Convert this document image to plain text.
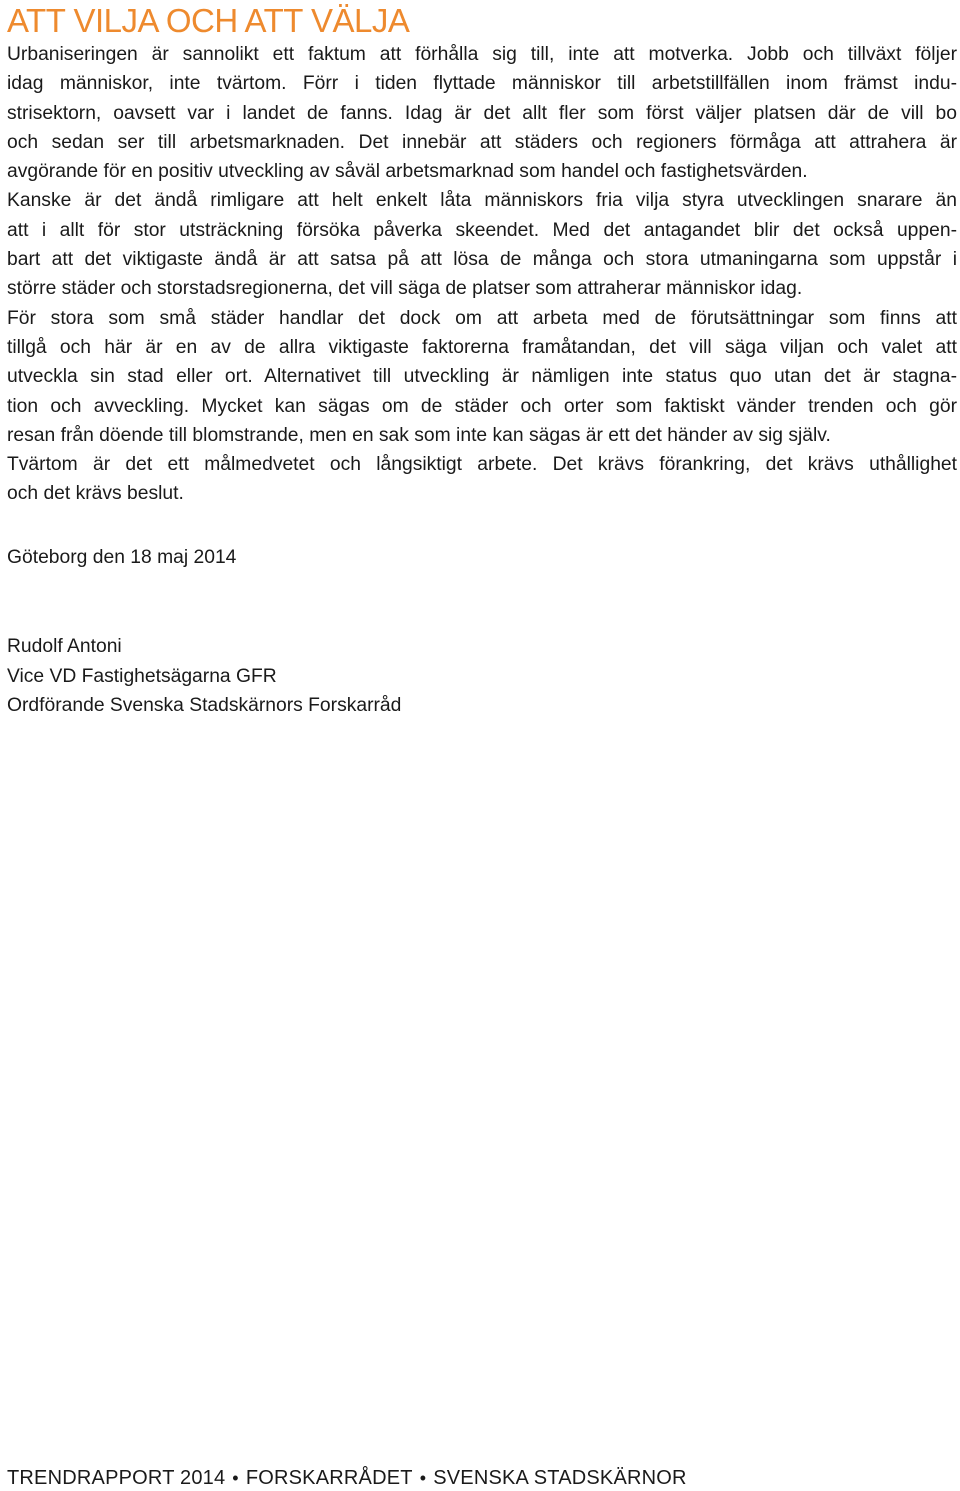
ATT VILJA OCH ATT VÄLJA
Urbaniseringen är sannolikt ett faktum att förhålla sig till, inte att motverka. Jobb och tillväxt följer
idag människor, inte tvärtom. Förr i tiden flyttade människor till arbetstillfällen inom främst indu-
strisektorn, oavsett var i landet de fanns. Idag är det allt fler som först väljer platsen där de vill bo
och sedan ser till arbetsmarknaden. Det innebär att städers och regioners förmåga att attrahera är
avgörande för en positiv utveckling av såväl arbetsmarknad som handel och fastighetsvärden.
Kanske är det ändå rimligare att helt enkelt låta människors fria vilja styra utvecklingen snarare än
att i allt för stor utsträckning försöka påverka skeendet. Med det antagandet blir det också uppen-
bart att det viktigaste ändå är att satsa på att lösa de många och stora utmaningarna som uppstår i
större städer och storstadsregionerna, det vill säga de platser som attraherar människor idag.
För stora som små städer handlar det dock om att arbeta med de förutsättningar som finns att
tillgå och här är en av de allra viktigaste faktorerna framåtandan, det vill säga viljan och valet att
utveckla sin stad eller ort. Alternativet till utveckling är nämligen inte status quo utan det är stagna-
tion och avveckling. Mycket kan sägas om de städer och orter som faktiskt vänder trenden och gör
resan från döende till blomstrande, men en sak som inte kan sägas är ett det händer av sig själv.
Tvärtom är det ett målmedvetet och långsiktigt arbete. Det krävs förankring, det krävs uthållighet
och det krävs beslut.
Göteborg den 18 maj 2014
Rudolf Antoni
Vice VD Fastighetsägarna GFR
Ordförande Svenska Stadskärnors Forskarråd
TRENDRAPPORT 2014 • FORSKARRÅDET • SVENSKA STADSKÄRNOR
